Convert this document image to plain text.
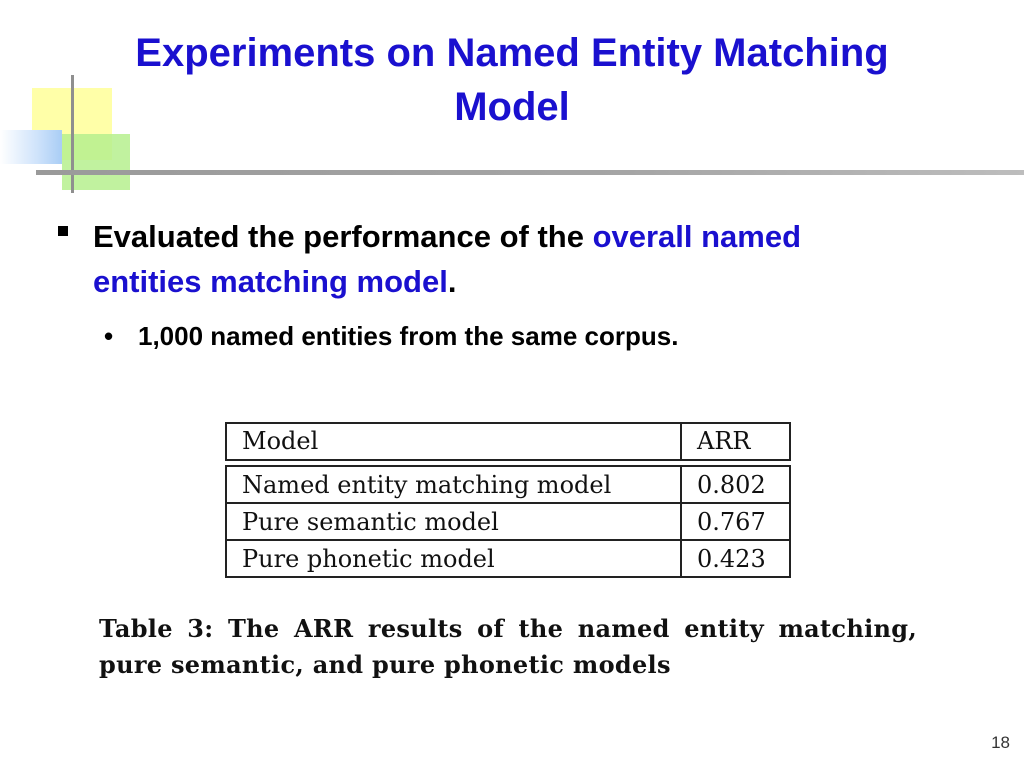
Experiments on Named Entity Matching Model
Evaluated the performance of the overall named entities matching model.
• 1,000 named entities from the same corpus.
Model	ARR
Named entity matching model	0.802
Pure semantic model	0.767
Pure phonetic model	0.423
Table 3: The ARR results of the named entity matching, pure semantic, and pure phonetic models
18
